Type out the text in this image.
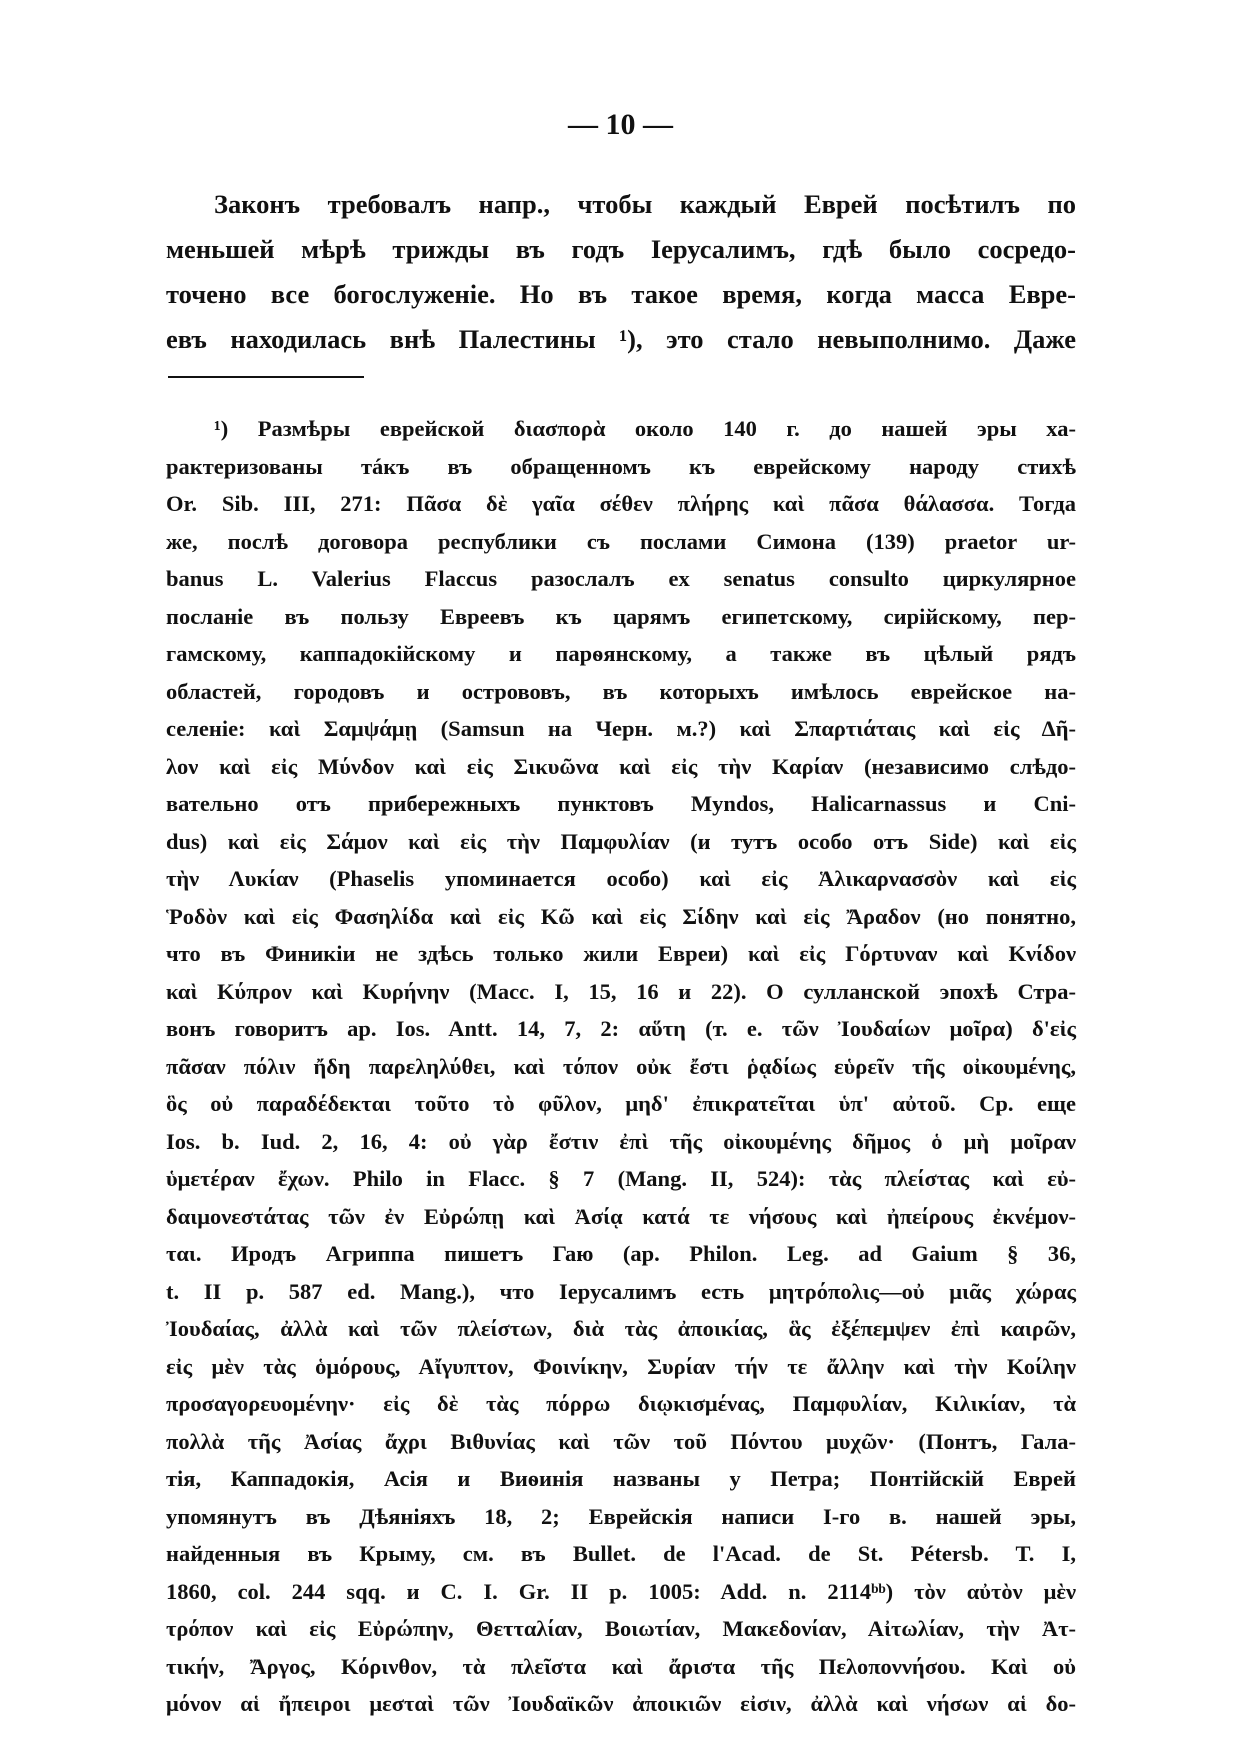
— 10 —
Законъ требовалъ напр., чтобы каждый Еврей посѣтилъ по
меньшей мѣрѣ трижды въ годъ Іерусалимъ, гдѣ было сосредо-
точено все богослуженіе. Но въ такое время, когда масса Евре-
евъ находилась внѣ Палестины ¹), это стало невыполнимо. Даже
¹) Размѣры еврейской διασπορὰ около 140 г. до нашей эры ха-
рактеризованы тáкъ въ обращенномъ къ еврейскому народу стихѣ
Or. Sib. III, 271: Πᾶσα δὲ γαῖα σέθεν πλήρης καὶ πᾶσα θάλασσα. Тогда
же, послѣ договора республики съ послами Симона (139) praetor ur-
banus L. Valerius Flaccus разослалъ ex senatus consulto циркулярное
посланіе въ пользу Евреевъ къ царямъ египетскому, сирійскому, пер-
гамскому, каппадокійскому и парѳянскому, а также въ цѣлый рядъ
областей, городовъ и острововъ, въ которыхъ имѣлось еврейское на-
селеніе: καὶ Σαμψάμῃ (Samsun на Черн. м.?) καὶ Σπαρτιάταις καὶ εἰς Δῆ-
λον καὶ εἰς Μύνδον καὶ εἰς Σικυῶνα καὶ εἰς τὴν Καρίαν (независимо слѣдо-
вательно отъ прибережныхъ пунктовъ Myndos, Halicarnassus и Cni-
dus) καὶ εἰς Σάμον καὶ εἰς τὴν Παμφυλίαν (и тутъ особо отъ Side) καὶ εἰς
τὴν Λυκίαν (Phaselis упоминается особо) καὶ εἰς Ἁλικαρνασσὸν καὶ εἰς
Ῥοδὸν καὶ εἰς Φασηλίδα καὶ εἰς Κῶ καὶ εἰς Σίδην καὶ εἰς Ἄραδον (но понятно,
что въ Финикіи не здѣсь только жили Евреи) καὶ εἰς Γόρτυναν καὶ Κνίδον
καὶ Κύπρον καὶ Κυρήνην (Macc. I, 15, 16 и 22). О сулланской эпохѣ Стра-
вонъ говоритъ ap. Ios. Antt. 14, 7, 2: αὕτη (т. е. τῶν Ἰουδαίων μοῖρα) δ'εἰς
πᾶσαν πόλιν ἤδη παρεληλύθει, καὶ τόπον οὐκ ἔστι ῥᾳδίως εὑρεῖν τῆς οἰκουμένης,
ὃς οὐ παραδέδεκται τοῦτο τὸ φῦλον, μηδ' ἐπικρατεῖται ὑπ' αὐτοῦ. Ср. еще
Ios. b. Iud. 2, 16, 4: οὐ γὰρ ἔστιν ἐπὶ τῆς οἰκουμένης δῆμος ὁ μὴ μοῖραν
ὑμετέραν ἔχων. Philo in Flacc. § 7 (Mang. II, 524): τὰς πλείστας καὶ εὐ-
δαιμονεστάτας τῶν ἐν Εὐρώπῃ καὶ Ἀσίᾳ κατά τε νήσους καὶ ἠπείρους ἐκνέμον-
ται. Иродъ Агриппа пишетъ Гаю (ap. Philon. Leg. ad Gaium § 36,
t. II p. 587 ed. Mang.), что Іерусалимъ есть μητρόπολις—οὐ μιᾶς χώρας
Ἰουδαίας, ἀλλὰ καὶ τῶν πλείστων, διὰ τὰς ἀποικίας, ἃς ἐξέπεμψεν ἐπὶ καιρῶν,
εἰς μὲν τὰς ὁμόρους, Αἴγυπτον, Φοινίκην, Συρίαν τήν τε ἄλλην καὶ τὴν Κοίλην
προσαγορευομένην· εἰς δὲ τὰς πόρρω διῳκισμένας, Παμφυλίαν, Κιλικίαν, τὰ
πολλὰ τῆς Ἀσίας ἄχρι Βιθυνίας καὶ τῶν τοῦ Πόντου μυχῶν· (Понтъ, Гала-
тія, Каппадокія, Асія и Виѳинія названы у Петра; Понтійскій Еврей
упомянутъ въ Дѣяніяхъ 18, 2; Еврейскія написи І-го в. нашей эры,
найденныя въ Крыму, см. въ Bullet. de l'Acad. de St. Pétersb. T. I,
1860, col. 244 sqq. и C. I. Gr. II p. 1005: Add. n. 2114ᵇᵇ) τὸν αὐτὸν μὲν
τρόπον καὶ εἰς Εὐρώπην, Θετταλίαν, Βοιωτίαν, Μακεδονίαν, Αἰτωλίαν, τὴν Ἀτ-
τικήν, Ἄργος, Κόρινθον, τὰ πλεῖστα καὶ ἄριστα τῆς Πελοποννήσου. Καὶ οὐ
μόνον αἱ ἤπειροι μεσταὶ τῶν Ἰουδαϊκῶν ἀποικιῶν εἰσιν, ἀλλὰ καὶ νήσων αἱ δο-
